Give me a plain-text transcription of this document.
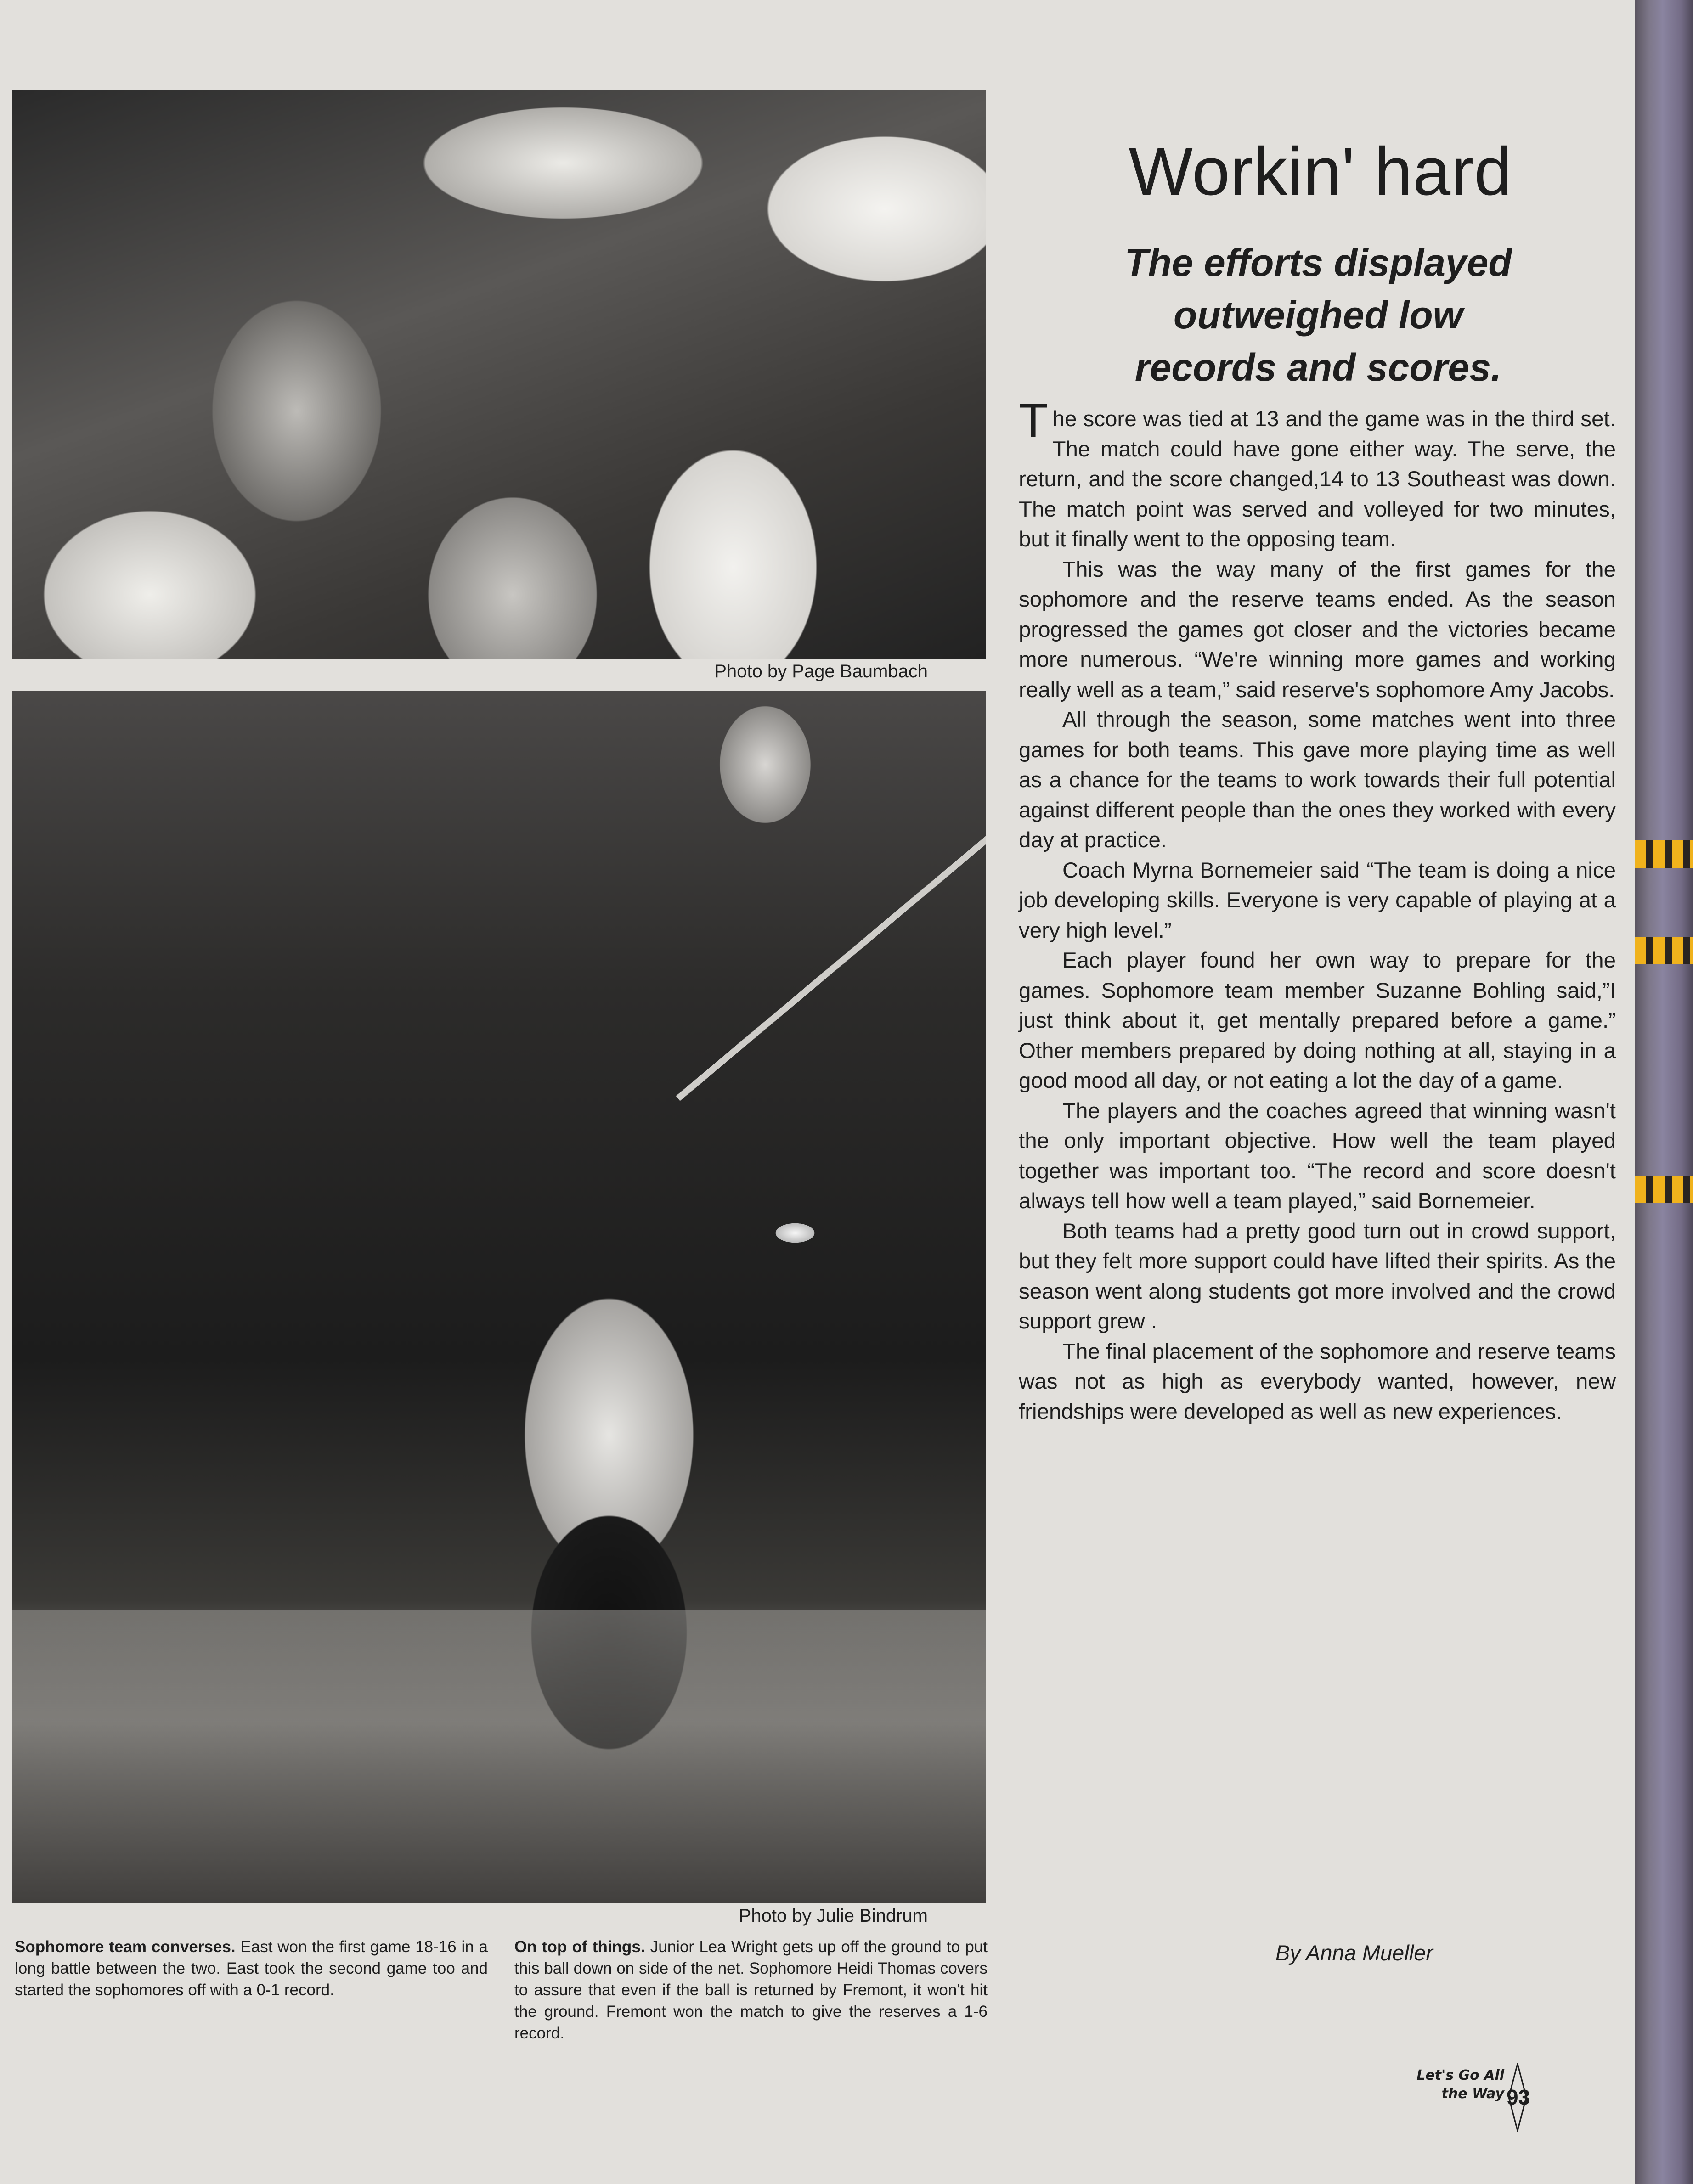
Photo by Page Baumbach
Photo by Julie Bindrum
Workin' hard
The efforts displayed
outweighed low
records and scores.

The score was tied at 13 and the game was in the third set. The match could have gone either way. The serve, the return, and the score changed,14 to 13 Southeast was down. The match point was served and volleyed for two minutes, but it finally went to the opposing team.

This was the way many of the first games for the sophomore and the reserve teams ended. As the season progressed the games got closer and the victories became more numerous. “We're winning more games and working really well as a team,” said reserve's sophomore Amy Jacobs.

All through the season, some matches went into three games for both teams. This gave more playing time as well as a chance for the teams to work towards their full potential against different people than the ones they worked with every day at practice.

Coach Myrna Bornemeier said “The team is doing a nice job developing skills. Everyone is very capable of playing at a very high level.”

Each player found her own way to prepare for the games. Sophomore team member Suzanne Bohling said,”I just think about it, get mentally prepared before a game.” Other members prepared by doing nothing at all, staying in a good mood all day, or not eating a lot the day of a game.

The players and the coaches agreed that winning wasn't the only important objective. How well the team played together was important too. “The record and score doesn't always tell how well a team played,” said Bornemeier.

Both teams had a pretty good turn out in crowd support, but they felt more support could have lifted their spirits. As the season went along students got more involved and the crowd support grew .

The final placement of the sophomore and reserve teams was not as high as everybody wanted, however, new friendships were developed as well as new experiences.

By Anna Mueller
Sophomore team converses. East won the first game 18-16 in a long battle between the two. East took the second game too and started the sophomores off with a 0-1 record.
On top of things. Junior Lea Wright gets up off the ground to put this ball down on side of the net. Sophomore Heidi Thomas covers to assure that even if the ball is returned by Fremont, it won't hit the ground. Fremont won the match to give the reserves a 1-6 record.
Let's Go All
the Way 93
